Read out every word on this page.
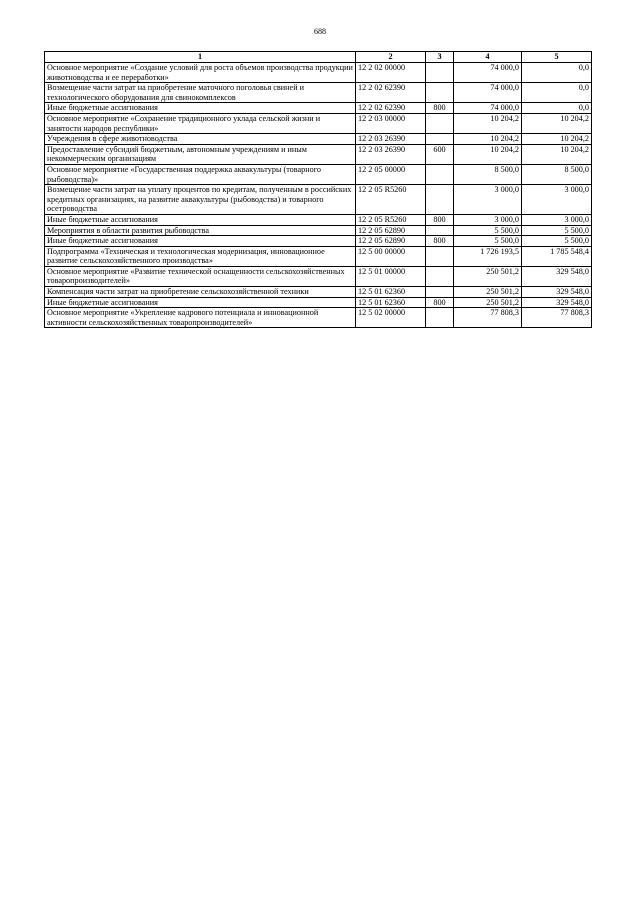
688
1	2	3	4	5
Основное мероприятие «Создание условий для роста объемов производства продукции животноводства и ее переработки»	12 2 02 00000		74 000,0	0,0
Возмещение части затрат на приобретение маточного поголовья свиней и технологического оборудования для свинокомплексов	12 2 02 62390		74 000,0	0,0
Иные бюджетные ассигнования	12 2 02 62390	800	74 000,0	0,0
Основное мероприятие «Сохранение традиционного уклада сельской жизни и занятости народов республики»	12 2 03 00000		10 204,2	10 204,2
Учреждения в сфере животноводства	12 2 03 26390		10 204,2	10 204,2
Предоставление субсидий бюджетным, автономным учреждениям и иным некоммерческим организациям	12 2 03 26390	600	10 204,2	10 204,2
Основное мероприятие «Государственная поддержка аквакультуры (товарного рыбоводства)»	12 2 05 00000		8 500,0	8 500,0
Возмещение части затрат на уплату процентов по кредитам, полученным в российских кредитных организациях, на развитие аквакультуры (рыбоводства) и товарного осетроводства	12 2 05 R5260		3 000,0	3 000,0
Иные бюджетные ассигнования	12 2 05 R5260	800	3 000,0	3 000,0
Мероприятия в области развития рыбоводства	12 2 05 62890		5 500,0	5 500,0
Иные бюджетные ассигнования	12 2 05 62890	800	5 500,0	5 500,0
Подпрограмма «Техническая и технологическая модернизация, инновационное развитие сельскохозяйственного производства»	12 5 00 00000		1 726 193,5	1 785 548,4
Основное мероприятие «Развитие технической оснащенности сельскохозяйственных товаропроизводителей»	12 5 01 00000		250 501,2	329 548,0
Компенсация части затрат на приобретение сельскохозяйственной техники	12 5 01 62360		250 501,2	329 548,0
Иные бюджетные ассигнования	12 5 01 62360	800	250 501,2	329 548,0
Основное мероприятие «Укрепление кадрового потенциала и инновационной активности сельскохозяйственных товаропроизводителей»	12 5 02 00000		77 808,3	77 808,3
